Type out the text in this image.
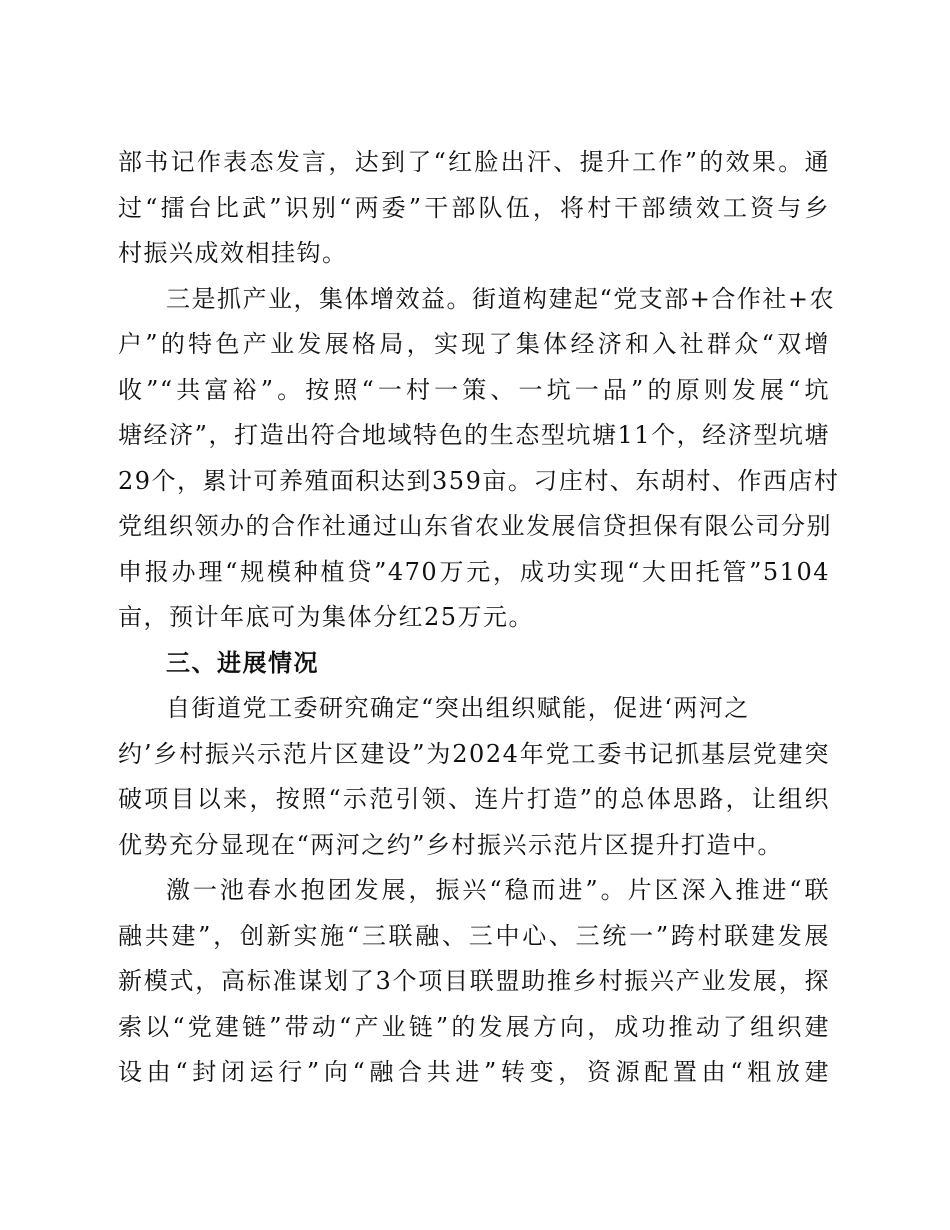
部书记作表态发言，达到了“红脸出汗、提升工作”的效果。通
过“擂台比武”识别“两委”干部队伍，将村干部绩效工资与乡
村振兴成效相挂钩。
三是抓产业，集体增效益。街道构建起“党支部+合作社+农
户”的特色产业发展格局，实现了集体经济和入社群众“双增
收”“共富裕”。按照“一村一策、一坑一品”的原则发展“坑
塘经济”，打造出符合地域特色的生态型坑塘11个，经济型坑塘
29个，累计可养殖面积达到359亩。刁庄村、东胡村、作西店村
党组织领办的合作社通过山东省农业发展信贷担保有限公司分别
申报办理“规模种植贷”470万元，成功实现“大田托管”5104
亩，预计年底可为集体分红25万元。
三、进展情况
自街道党工委研究确定“突出组织赋能，促进‘两河之
约’乡村振兴示范片区建设”为2024年党工委书记抓基层党建突
破项目以来，按照“示范引领、连片打造”的总体思路，让组织
优势充分显现在“两河之约”乡村振兴示范片区提升打造中。
激一池春水抱团发展，振兴“稳而进”。片区深入推进“联
融共建”，创新实施“三联融、三中心、三统一”跨村联建发展
新模式，高标准谋划了3个项目联盟助推乡村振兴产业发展，探
索以“党建链”带动“产业链”的发展方向，成功推动了组织建
设由“封闭运行”向“融合共进”转变，资源配置由“粗放建
